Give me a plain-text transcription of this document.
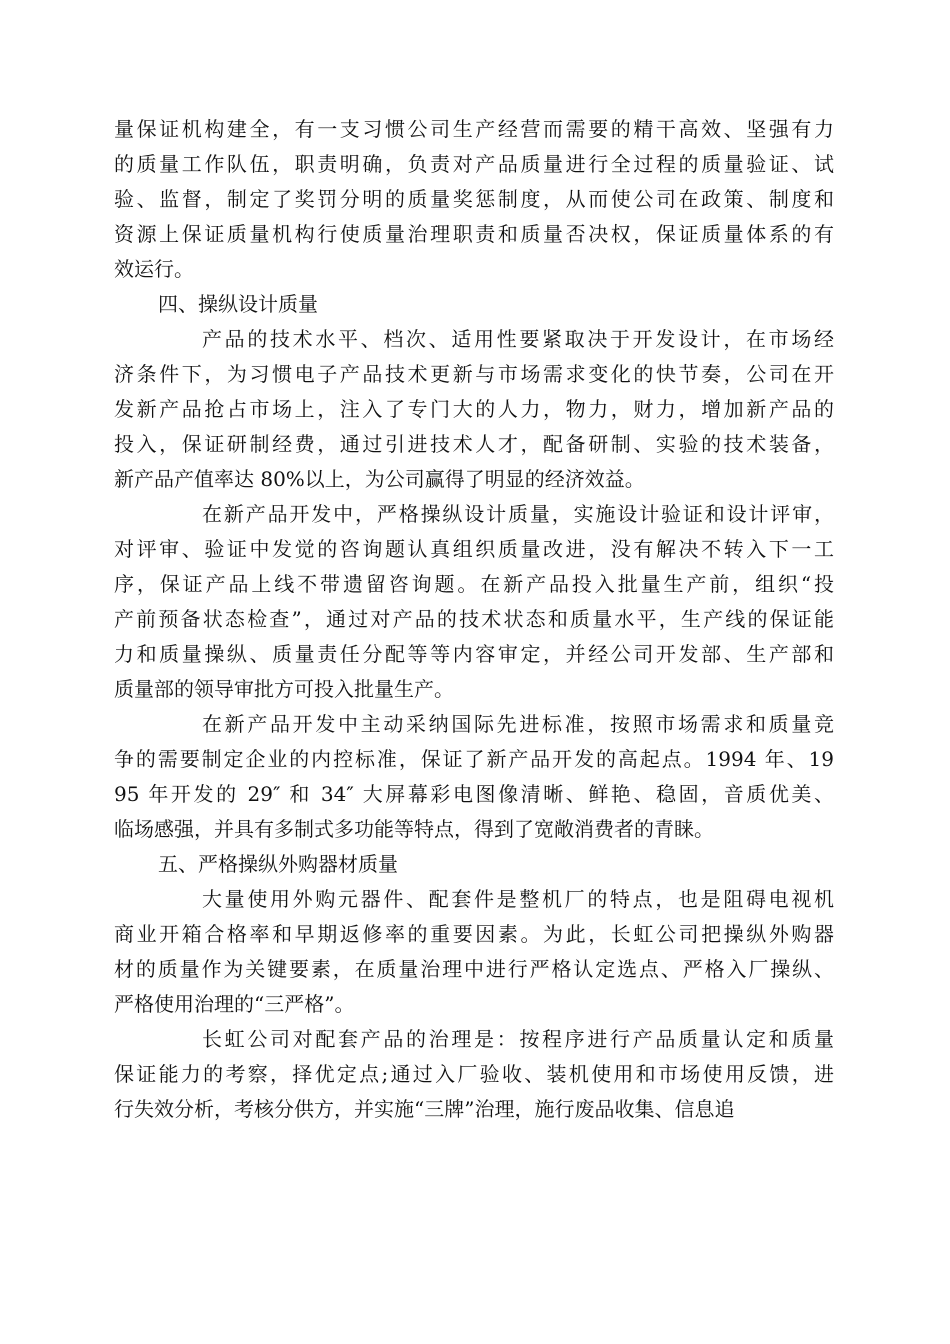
量保证机构建全，有一支习惯公司生产经营而需要的精干高效、坚强有力
的质量工作队伍，职责明确，负责对产品质量进行全过程的质量验证、试
验、监督，制定了奖罚分明的质量奖惩制度，从而使公司在政策、制度和
资源上保证质量机构行使质量治理职责和质量否决权，保证质量体系的有
效运行。

四、操纵设计质量

产品的技术水平、档次、适用性要紧取决于开发设计，在市场经
济条件下，为习惯电子产品技术更新与市场需求变化的快节奏，公司在开
发新产品抢占市场上，注入了专门大的人力，物力，财力，增加新产品的
投入，保证研制经费，通过引进技术人才，配备研制、实验的技术装备，
新产品产值率达 80%以上，为公司赢得了明显的经济效益。

在新产品开发中，严格操纵设计质量，实施设计验证和设计评审，
对评审、验证中发觉的咨询题认真组织质量改进，没有解决不转入下一工
序，保证产品上线不带遗留咨询题。在新产品投入批量生产前，组织“投
产前预备状态检查”，通过对产品的技术状态和质量水平，生产线的保证能
力和质量操纵、质量责任分配等等内容审定，并经公司开发部、生产部和
质量部的领导审批方可投入批量生产。

在新产品开发中主动采纳国际先进标准，按照市场需求和质量竞
争的需要制定企业的内控标准，保证了新产品开发的高起点。1994 年、19
95 年开发的 29″ 和 34″ 大屏幕彩电图像清晰、鲜艳、稳固，音质优美、
临场感强，并具有多制式多功能等特点，得到了宽敞消费者的青睐。

五、严格操纵外购器材质量

大量使用外购元器件、配套件是整机厂的特点，也是阻碍电视机
商业开箱合格率和早期返修率的重要因素。为此，长虹公司把操纵外购器
材的质量作为关键要素，在质量治理中进行严格认定选点、严格入厂操纵、
严格使用治理的“三严格”。

长虹公司对配套产品的治理是：按程序进行产品质量认定和质量
保证能力的考察，择优定点;通过入厂验收、装机使用和市场使用反馈，进
行失效分析，考核分供方，并实施“三牌”治理，施行废品收集、信息追
